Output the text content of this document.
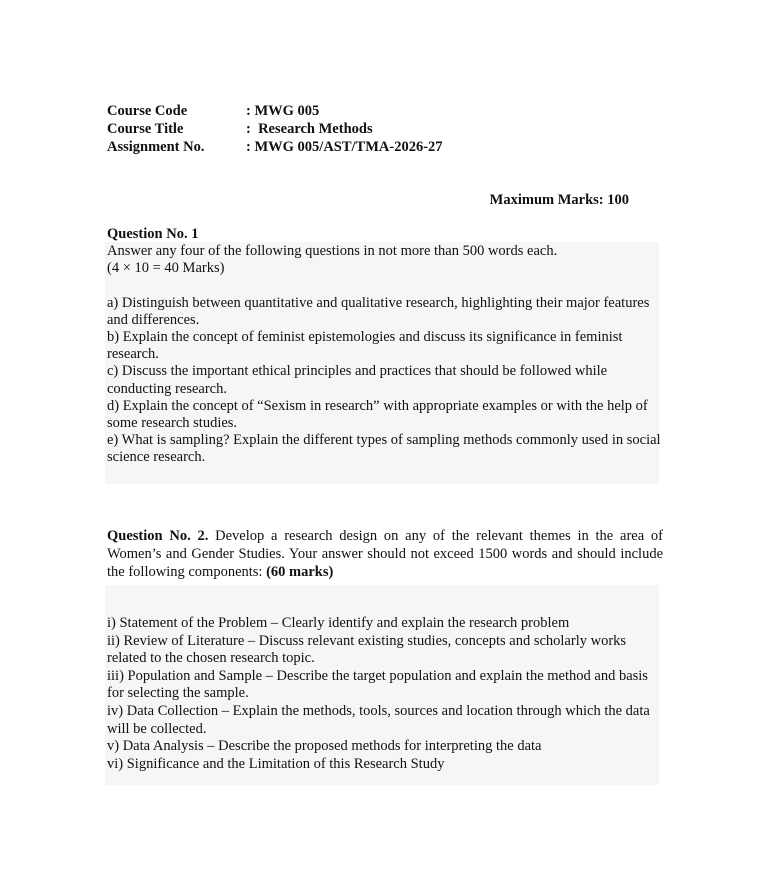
Course Code	: MWG 005
Course Title	:  Research Methods
Assignment No.	: MWG 005/AST/TMA-2026-27
Maximum Marks: 100
Question No. 1
Answer any four of the following questions in not more than 500 words each.
(4 × 10 = 40 Marks)
a) Distinguish between quantitative and qualitative research, highlighting their major features and differences.
b) Explain the concept of feminist epistemologies and discuss its significance in feminist research.
c) Discuss the important ethical principles and practices that should be followed while conducting research.
d) Explain the concept of “Sexism in research” with appropriate examples or with the help of some research studies.
e) What is sampling? Explain the different types of sampling methods commonly used in social science research.
Question No. 2. Develop a research design on any of the relevant themes in the area of Women’s and Gender Studies. Your answer should not exceed 1500 words and should include the following components: (60 marks)
i) Statement of the Problem – Clearly identify and explain the research problem
ii) Review of Literature – Discuss relevant existing studies, concepts and scholarly works related to the chosen research topic.
iii) Population and Sample – Describe the target population and explain the method and basis for selecting the sample.
iv) Data Collection – Explain the methods, tools, sources and location through which the data will be collected.
v) Data Analysis – Describe the proposed methods for interpreting the data
vi) Significance and the Limitation of this Research Study
